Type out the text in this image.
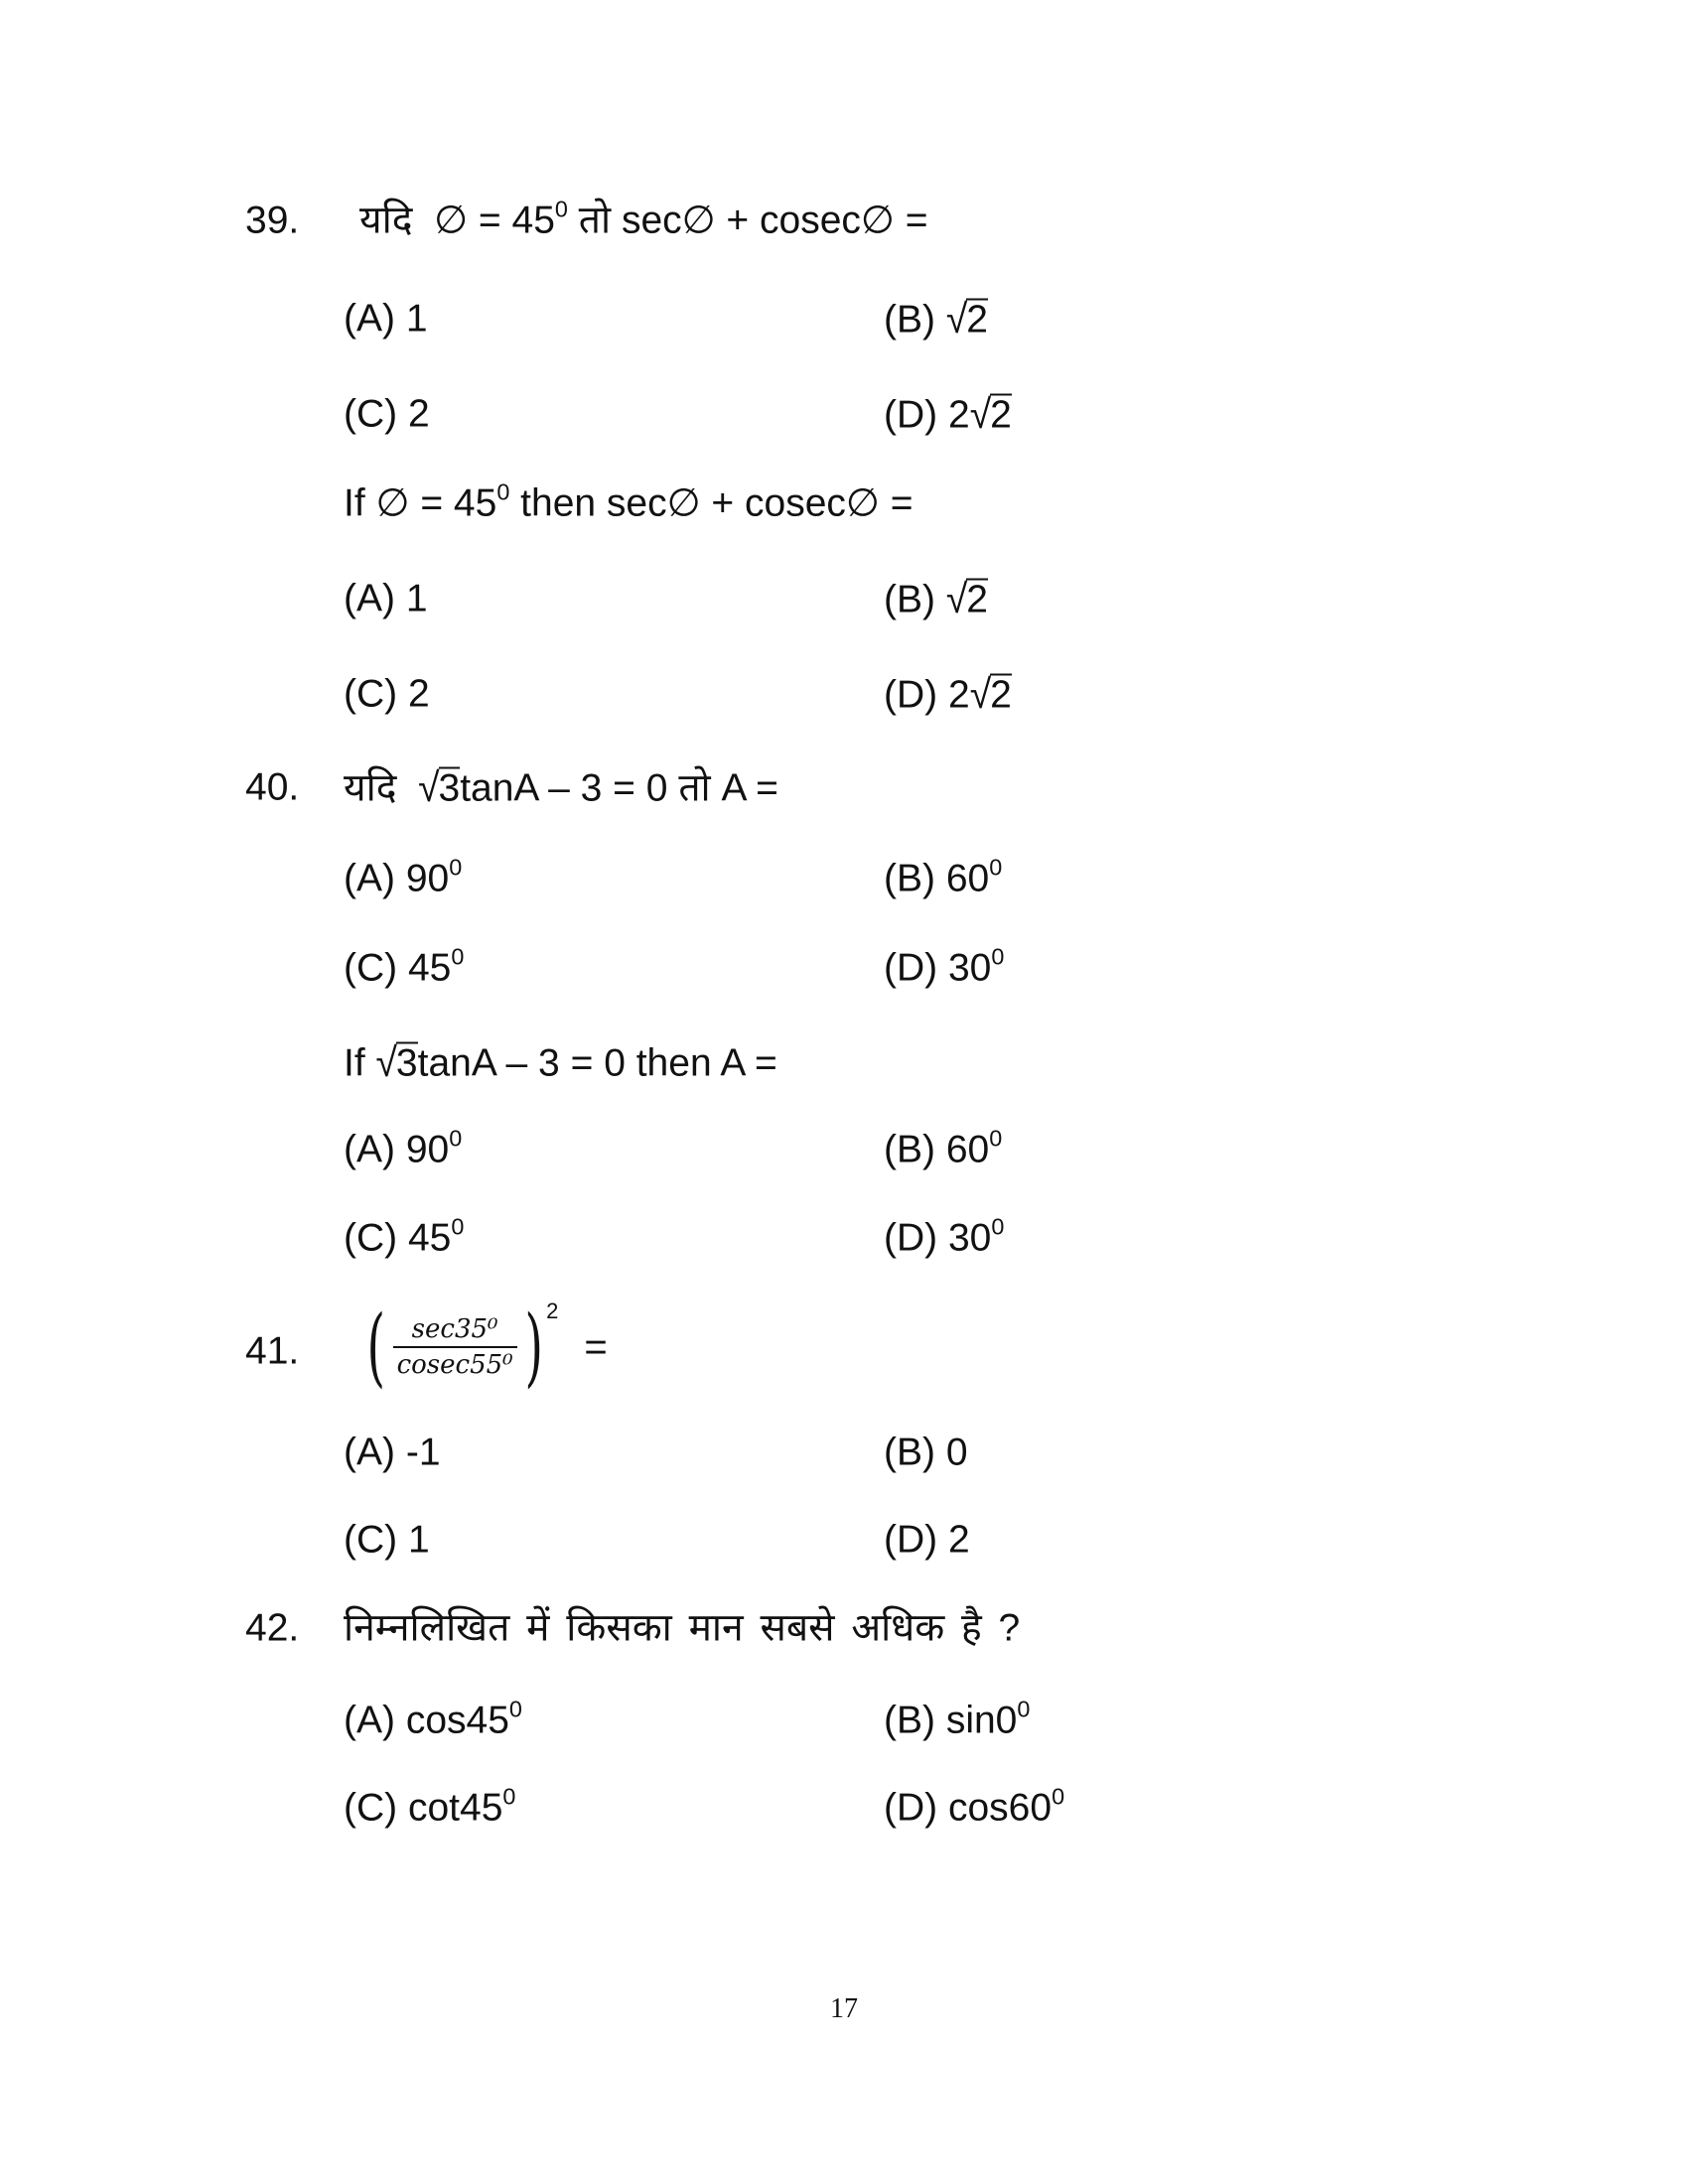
39. यदि ∅ = $45^0$ तो sec∅ + cosec∅ =
(A) 1	(B) √2
(C) 2	(D) 2√2
If ∅ = $45^0$ then sec∅ + cosec∅ =
(A) 1	(B) √2
(C) 2	(D) 2√2
40. यदि  √3tanA – 3 = 0 तो A =
(A) $90^0$	(B) $60^0$
(C) $45^0$	(D) $30^0$
If √3tanA – 3 = 0 then A =
(A) $90^0$	(B) $60^0$
(C) $45^0$	(D) $30^0$
41. ( $\frac{\text{sec35⁰}}{\text{cosec55⁰}}$ ) 2
=
(A) -1	(B) 0
(C) 1	(D) 2
42. निम्नलिखित में किसका मान सबसे अधिक है ?
(A) $\cos 45^0$	(B) $\sin 0^0$
(C) $\cot 45^0$	(D) $\cos 60^0$
17
